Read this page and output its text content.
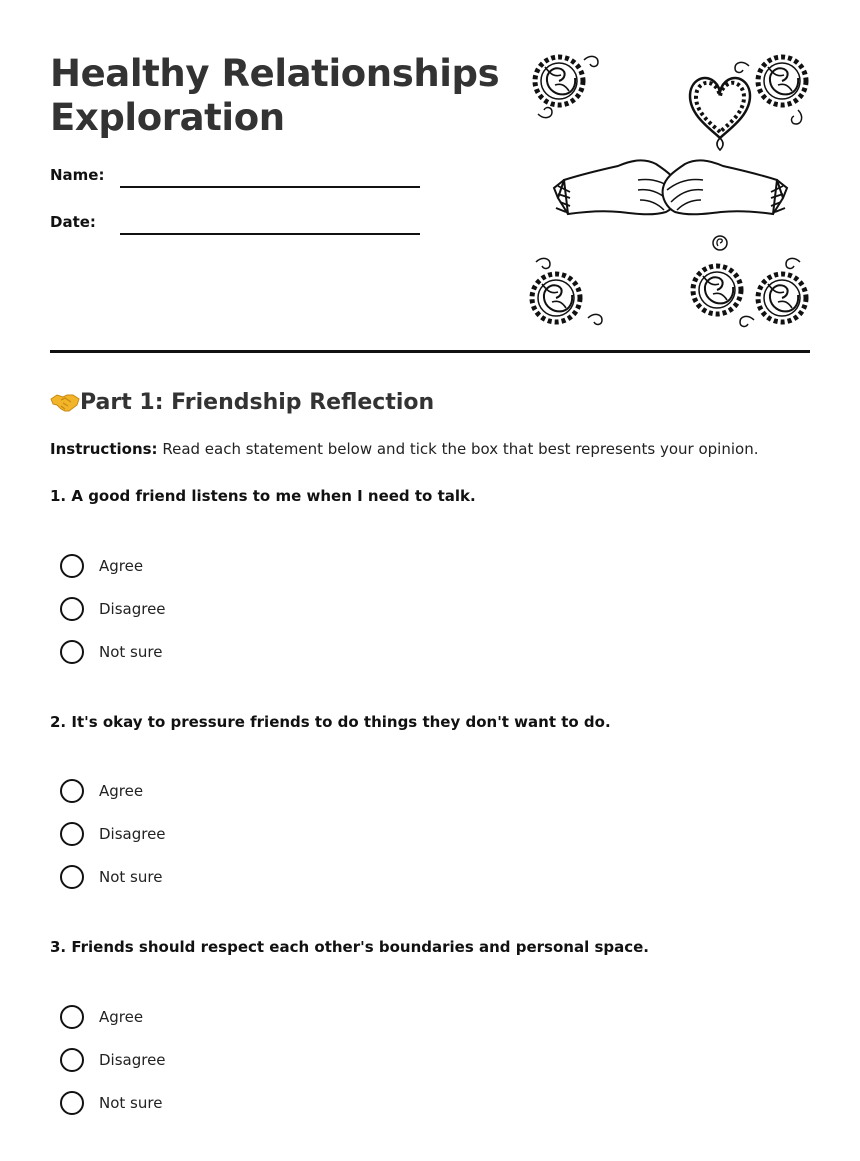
Healthy Relationships Exploration
Name:
Date:
Part 1: Friendship Reflection
Instructions: Read each statement below and tick the box that best represents your opinion.
1. A good friend listens to me when I need to talk.
Agree
Disagree
Not sure
2. It's okay to pressure friends to do things they don't want to do.
Agree
Disagree
Not sure
3. Friends should respect each other's boundaries and personal space.
Agree
Disagree
Not sure
